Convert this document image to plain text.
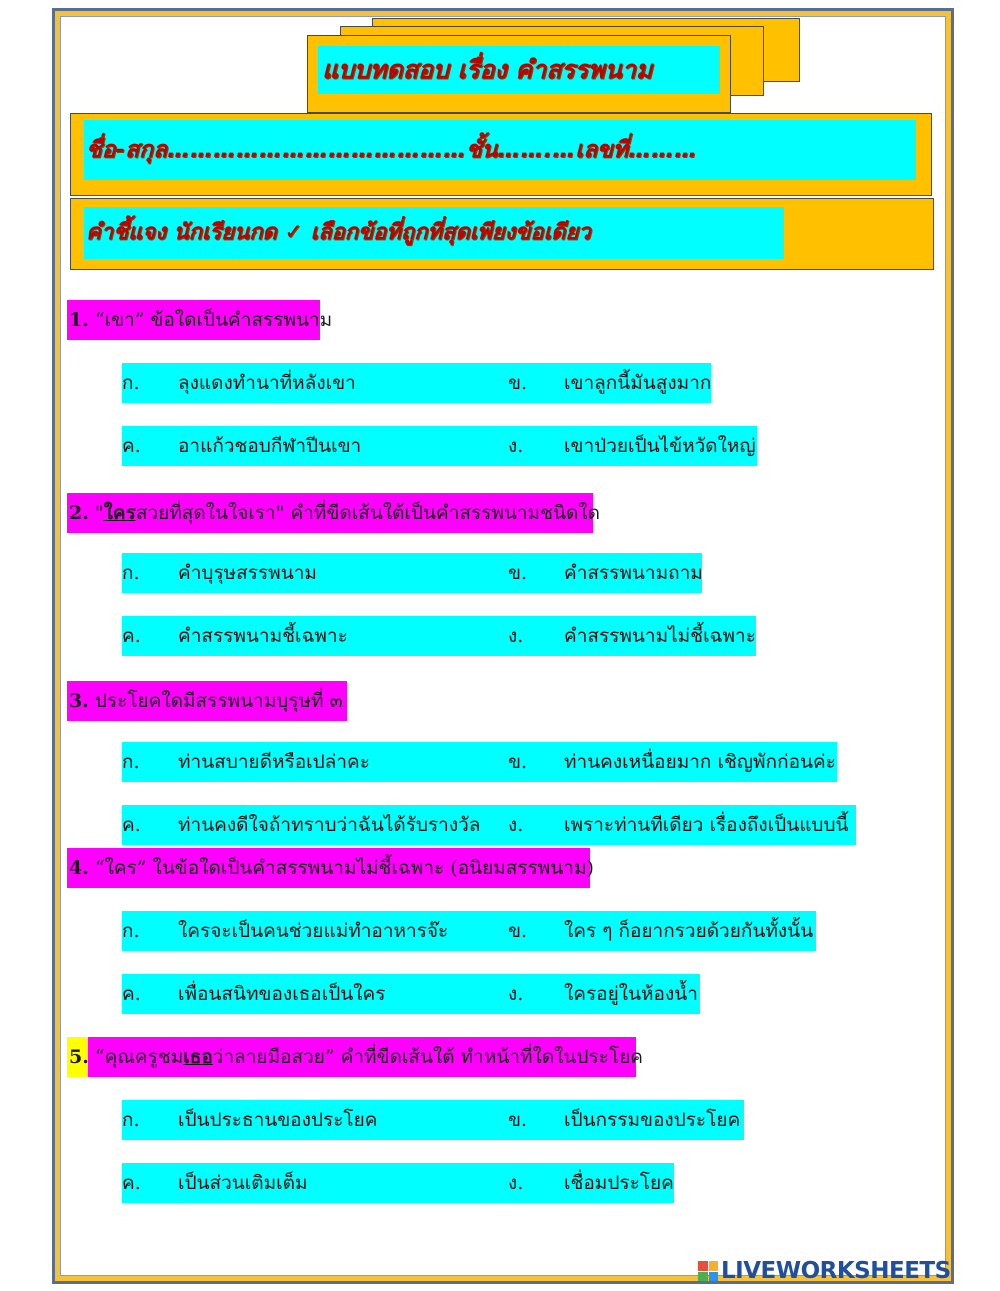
แบบทดสอบ เรื่อง คำสรรพนาม
ชื่อ-สกุล…………………………………ชั้น…….…เลขที่………
คำชี้แจง นักเรียนกด ✓ เลือกข้อที่ถูกที่สุดเพียงข้อเดียว
1. “เขา” ข้อใดเป็นคำสรรพนาม
ก.	ลุงแดงทำนาที่หลังเขา	ข. เขาลูกนี้มันสูงมาก
ค.	อาแก้วชอบกีฬาปีนเขา	ง. เขาป่วยเป็นไข้หวัดใหญ่
2. "ใครสวยที่สุดในใจเรา" คำที่ขีดเส้นใต้เป็นคำสรรพนามชนิดใด
ก.	คำบุรุษสรรพนาม	ข. คำสรรพนามถาม
ค.	คำสรรพนามชี้เฉพาะ	ง. คำสรรพนามไม่ชี้เฉพาะ
3. ประโยคใดมีสรรพนามบุรุษที่ ๓
ก.	ท่านสบายดีหรือเปล่าคะ	ข. ท่านคงเหนื่อยมาก เชิญพักก่อนค่ะ
ค.	ท่านคงดีใจถ้าทราบว่าฉันได้รับรางวัล ง. เพราะท่านทีเดียว เรื่องถึงเป็นแบบนี้
4. “ใคร” ในข้อใดเป็นคำสรรพนามไม่ชี้เฉพาะ (อนิยมสรรพนาม)
ก.	ใครจะเป็นคนช่วยแม่ทำอาหารจ๊ะ	ข. ใคร ๆ ก็อยากรวยด้วยกันทั้งนั้น
ค.	เพื่อนสนิทของเธอเป็นใคร	ง. ใครอยู่ในห้องน้ำ
5. “คุณครูชมเธอว่าลายมือสวย” คำที่ขีดเส้นใต้ ทำหน้าที่ใดในประโยค
ก.	เป็นประธานของประโยค	ข. เป็นกรรมของประโยค
ค.	เป็นส่วนเติมเต็ม	ง. เชื่อมประโยค
LIVEWORKSHEETS
